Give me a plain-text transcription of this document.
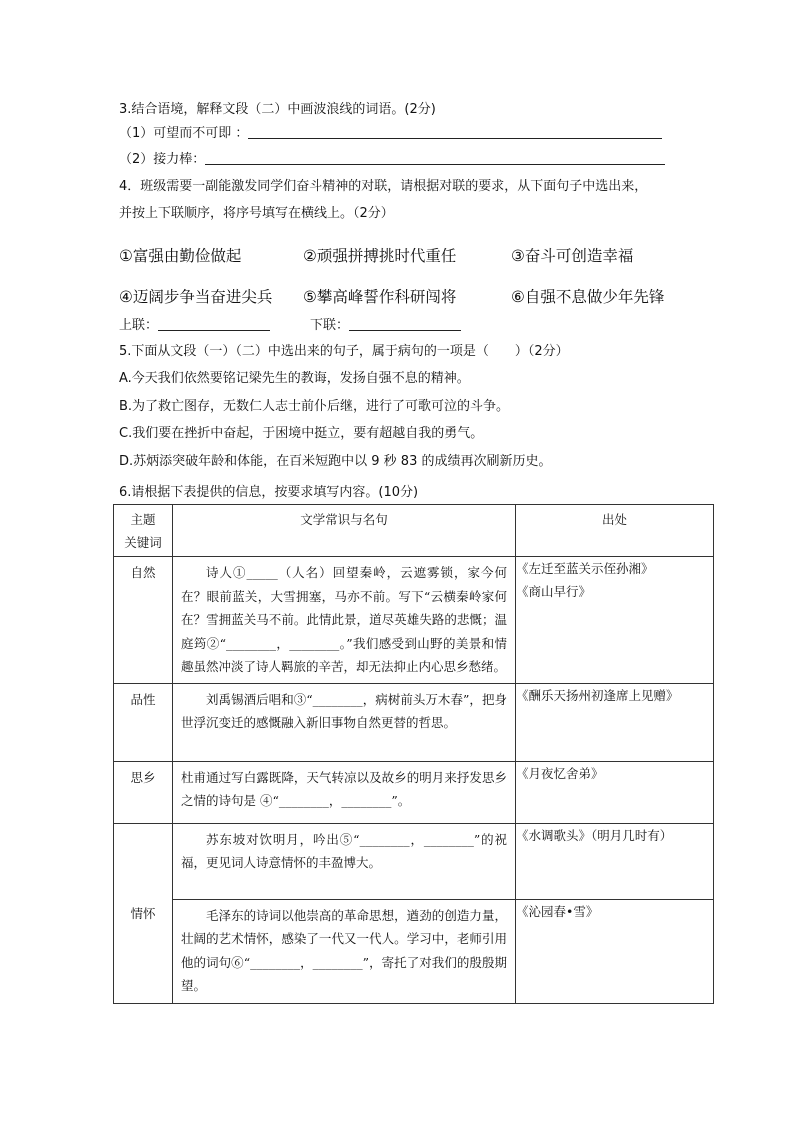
3.结合语境，解释文段（二）中画波浪线的词语。(2分)
（1）可望而不可即 ：
（2）接力棒：
4．班级需要一副能激发同学们奋斗精神的对联，请根据对联的要求，从下面句子中选出来，
并按上下联顺序，将序号填写在横线上。（2分）
①富强由勤俭做起	②顽强拼搏挑时代重任	③奋斗可创造幸福
④迈阔步争当奋进尖兵 ⑤攀高峰誓作科研闯将	⑥自强不息做少年先锋
上联：	下联：
5.下面从文段（一）（二）中选出来的句子，属于病句的一项是（　　）（2分）
A.今天我们依然要铭记梁先生的教诲，发扬自强不息的精神。
B.为了救亡图存，无数仁人志士前仆后继，进行了可歌可泣的斗争。
C.我们要在挫折中奋起，于困境中挺立，要有超越自我的勇气。
D.苏炳添突破年龄和体能，在百米短跑中以 9 秒 83 的成绩再次刷新历史。
6.请根据下表提供的信息，按要求填写内容。(10分)
主题
关键词	文学常识与名句	出处
自然	诗人①_____（人名）回望秦岭，云遮雾锁，家今何在？眼前蓝关，大雪拥塞，马亦不前。写下“云横秦岭家何在？雪拥蓝关马不前。此情此景，道尽英雄失路的悲慨；温庭筠②“________，________。”我们感受到山野的美景和情趣虽然冲淡了诗人羁旅的辛苦，却无法抑止内心思乡愁绪。	《左迁至蓝关示侄孙湘》
《商山早行》

品性	刘禹锡酒后唱和③“________，病树前头万木春”，把身世浮沉变迁的感慨融入新旧事物自然更替的哲思。	《酬乐天扬州初逢席上见赠》
思乡	杜甫通过写白露既降，天气转凉以及故乡的明月来抒发思乡之情的诗句是 ④“________，________”。	《月夜忆舍弟》
情怀	苏东坡对饮明月，吟出⑤“________，________”的祝福，更见词人诗意情怀的丰盈博大。	《水调歌头》（明月几时有）

	毛泽东的诗词以他崇高的革命思想，遒劲的创造力量，壮阔的艺术情怀，感染了一代又一代人。学习中，老师引用他的词句⑥“________，________”，寄托了对我们的殷殷期望。	《沁园春•雪》
